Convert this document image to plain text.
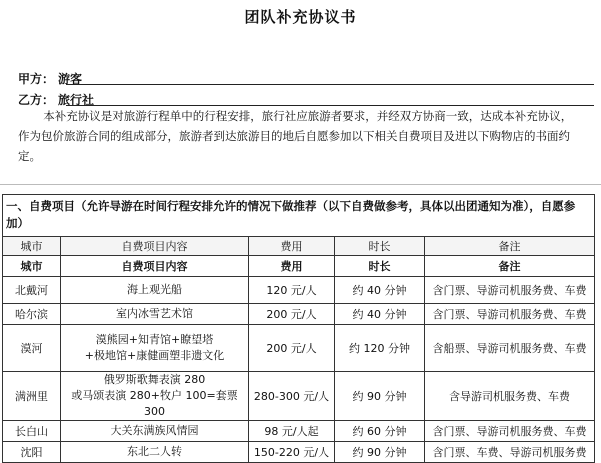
团队补充协议书
甲方： 游客
乙方： 旅行社

本补充协议是对旅游行程单中的行程安排，旅行社应旅游者要求，并经双方协商一致，达成本补充协议，作为包价旅游合同的组成部分，旅游者到达旅游目的地后自愿参加以下相关自费项目及进以下购物店的书面约定。

一、自费项目（允许导游在时间行程安排允许的情况下做推荐（以下自费做参考，具体以出团通知为准），自愿参加）				
城市	自费项目内容	费用	时长	备注
城市	自费项目内容	费用	时长	备注
北戴河	海上观光船	120 元/人	约 40 分钟	含门票、导游司机服务费、车费
哈尔滨	室内冰雪艺术馆	200 元/人	约 40 分钟	含门票、导游司机服务费、车费
漠河	漠熊园+知青馆+瞭望塔
+极地馆+康健画塑非遗文化	200 元/人	约 120 分钟	含船票、导游司机服务费、车费
满洲里	俄罗斯歌舞表演 280
或马颂表演 280+牧户 100=套票 300	280-300 元/人	约 90 分钟	含导游司机服务费、车费
长白山	大关东满族风情园	98 元/人起	约 60 分钟	含门票、导游司机服务费、车费
沈阳	东北二人转	150-220 元/人	约 90 分钟	含门票、车费、导游司机服务费
